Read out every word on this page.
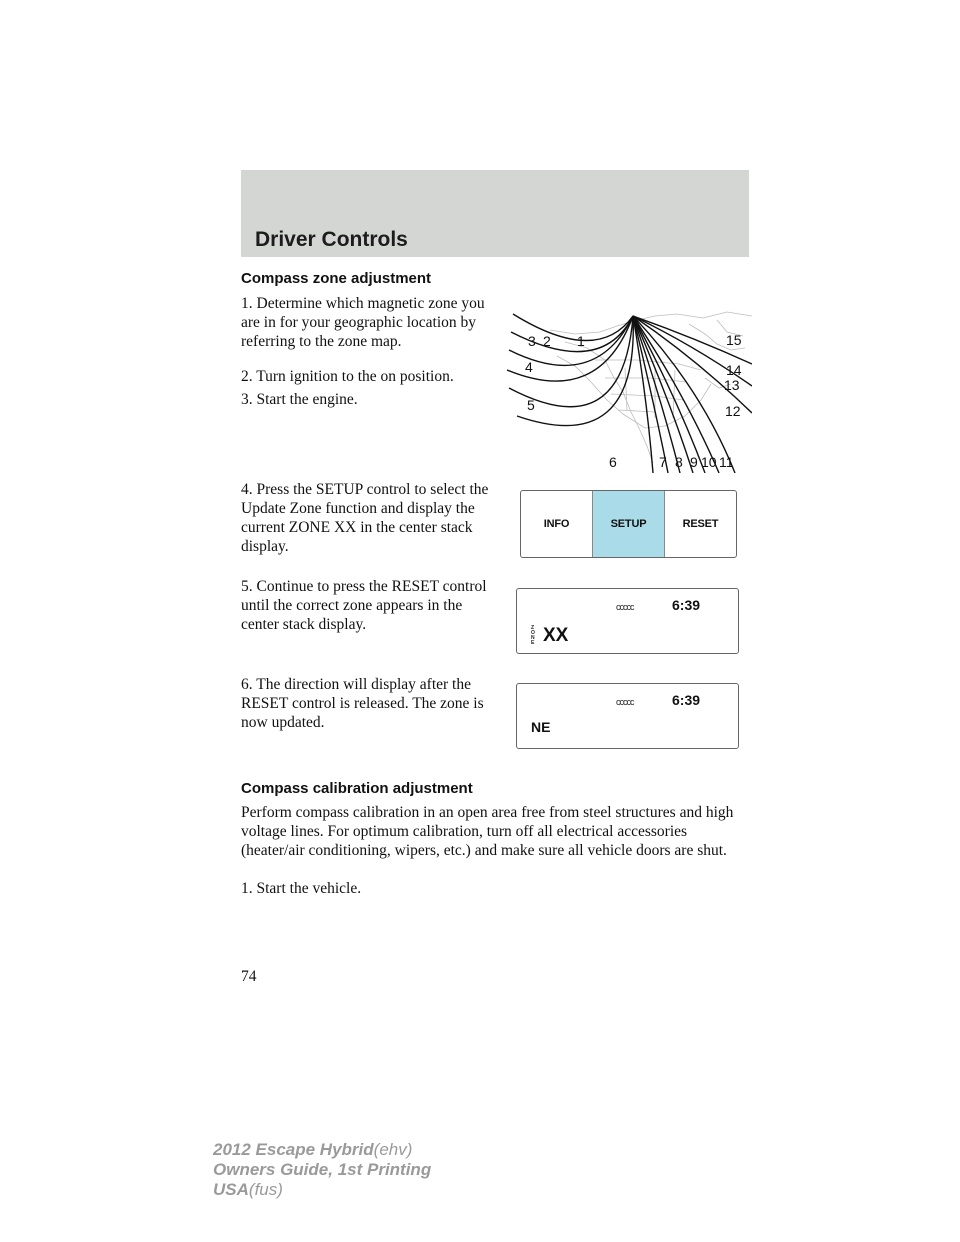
Driver Controls
Compass zone adjustment

1. Determine which magnetic zone you are in for your geographic location by referring to the zone map.

2. Turn ignition to the on position.

3. Start the engine.

4. Press the SETUP control to select the Update Zone function and display the current ZONE XX in the center stack display.

5. Continue to press the RESET control until the correct zone appears in the center stack display.

6. The direction will display after the RESET control is released. The zone is now updated.

1
2
3
4
5
6	7 8 9 10 11
12
13
14
15
INFO	SETUP	RESET
ccccc	6:39
ZONE XX
ccccc	6:39
NE
Compass calibration adjustment

Perform compass calibration in an open area free from steel structures and high voltage lines. For optimum calibration, turn off all electrical accessories (heater/air conditioning, wipers, etc.) and make sure all vehicle doors are shut.

1. Start the vehicle.

74

2012 Escape Hybrid(ehv)
Owners Guide, 1st Printing
USA(fus)
